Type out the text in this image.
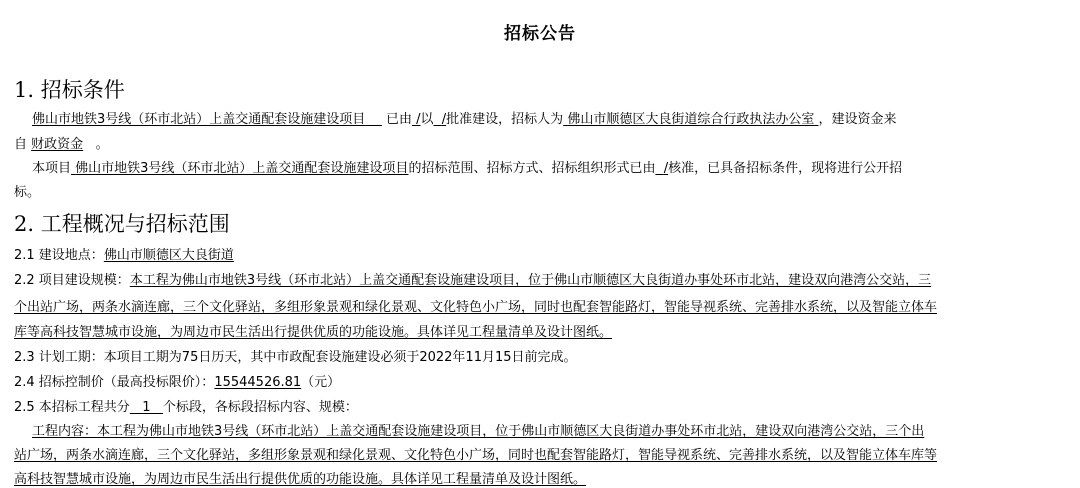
招标公告
1. 招标条件
佛山市地铁3号线（环市北站）上盖交通配套设施建设项目 已由 /以 /批准建设，招标人为 佛山市顺德区大良街道综合行政执法办公室 ，建设资金来
自 财政资金 。
本项目 佛山市地铁3号线（环市北站）上盖交通配套设施建设项目的招标范围、招标方式、招标组织形式已由 /核准，已具备招标条件，现将进行公开招
标。
2. 工程概况与招标范围
2.1 建设地点：佛山市顺德区大良街道
2.2 项目建设规模：本工程为佛山市地铁3号线（环市北站）上盖交通配套设施建设项目，位于佛山市顺德区大良街道办事处环市北站，建设双向港湾公交站，三
个出站广场，两条水滴连廊，三个文化驿站，多组形象景观和绿化景观、文化特色小广场，同时也配套智能路灯，智能导视系统、完善排水系统，以及智能立体车
库等高科技智慧城市设施，为周边市民生活出行提供优质的功能设施。具体详见工程量清单及设计图纸。
2.3 计划工期：本项目工期为75日历天，其中市政配套设施建设必须于2022年11月15日前完成。
2.4 招标控制价（最高投标限价）：15544526.81（元）
2.5 本招标工程共分 1 个标段，各标段招标内容、规模：
工程内容：本工程为佛山市地铁3号线（环市北站）上盖交通配套设施建设项目，位于佛山市顺德区大良街道办事处环市北站，建设双向港湾公交站，三个出
站广场，两条水滴连廊，三个文化驿站，多组形象景观和绿化景观、文化特色小广场，同时也配套智能路灯，智能导视系统、完善排水系统，以及智能立体车库等
高科技智慧城市设施，为周边市民生活出行提供优质的功能设施。具体详见工程量清单及设计图纸。
